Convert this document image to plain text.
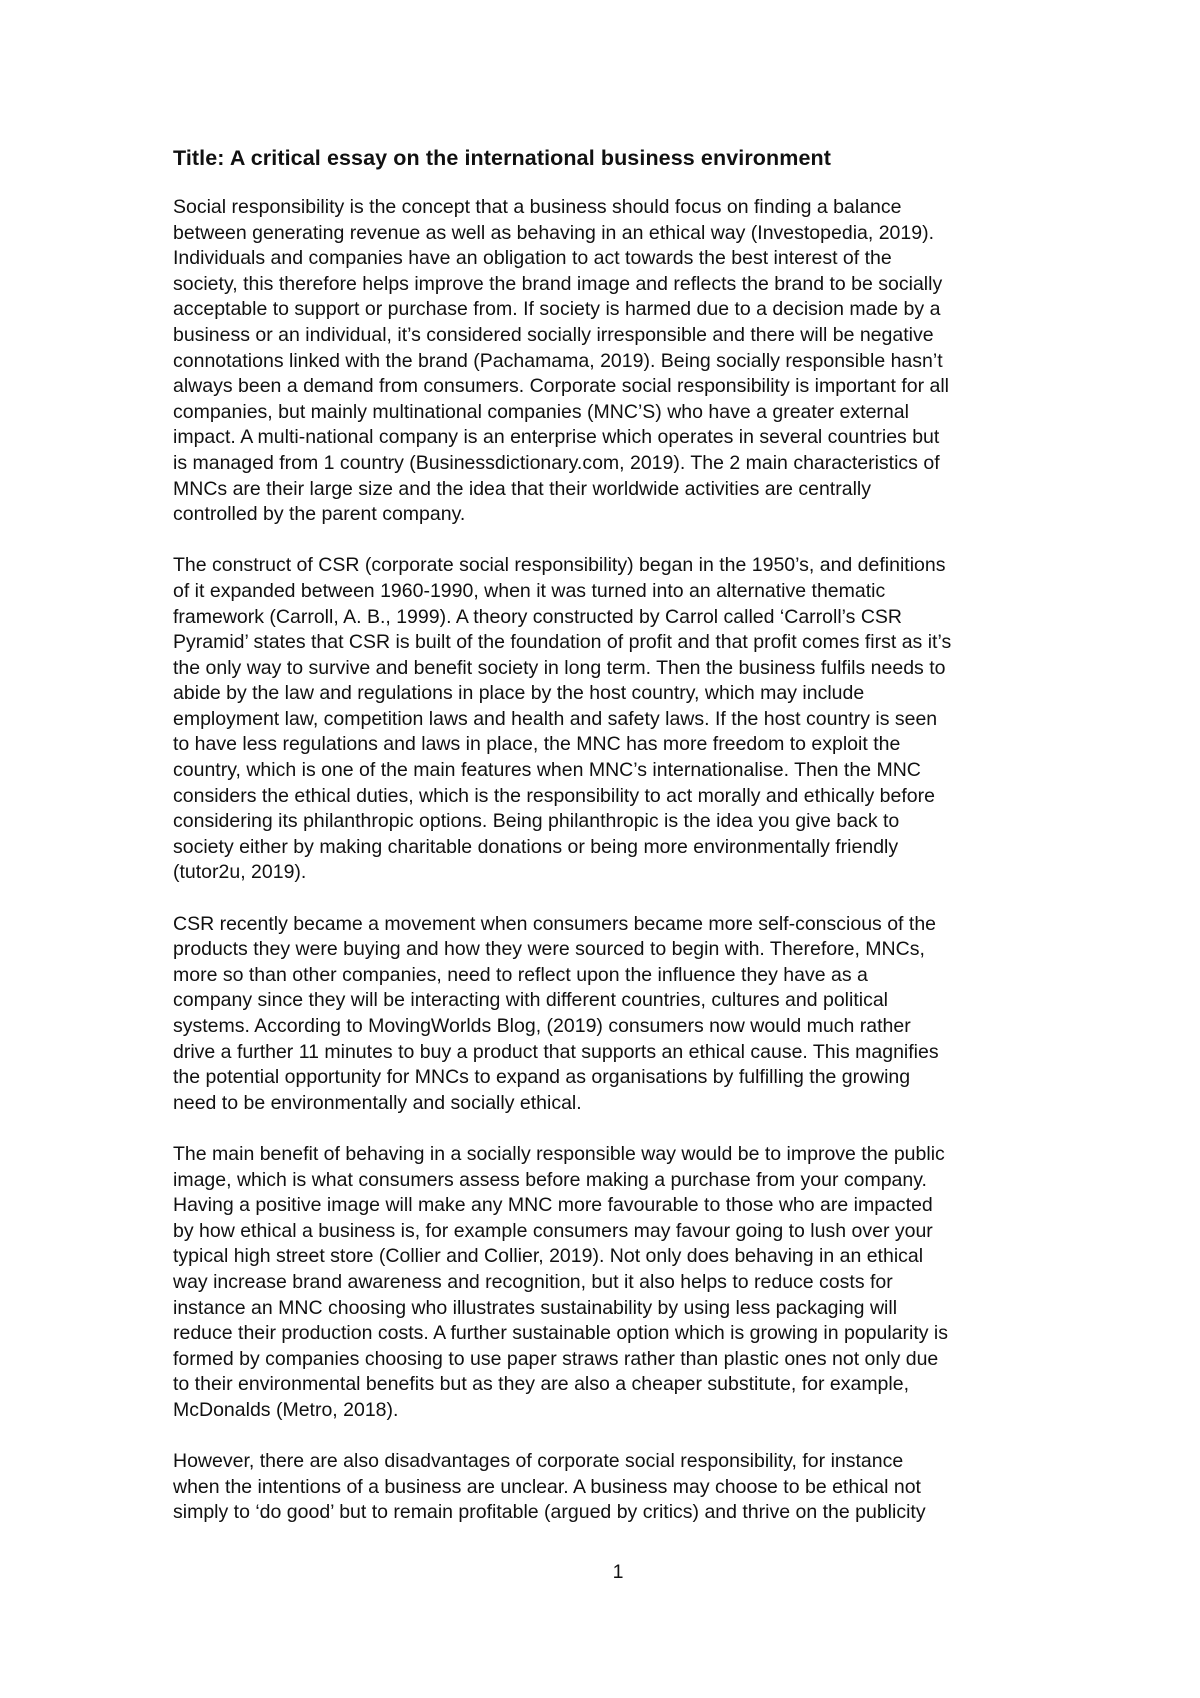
Title: A critical essay on the international business environment

Social responsibility is the concept that a business should focus on finding a balance
between generating revenue as well as behaving in an ethical way (Investopedia, 2019).
Individuals and companies have an obligation to act towards the best interest of the
society, this therefore helps improve the brand image and reflects the brand to be socially
acceptable to support or purchase from. If society is harmed due to a decision made by a
business or an individual, it’s considered socially irresponsible and there will be negative
connotations linked with the brand (Pachamama, 2019). Being socially responsible hasn’t
always been a demand from consumers. Corporate social responsibility is important for all
companies, but mainly multinational companies (MNC’S) who have a greater external
impact. A multi-national company is an enterprise which operates in several countries but
is managed from 1 country (Businessdictionary.com, 2019). The 2 main characteristics of
MNCs are their large size and the idea that their worldwide activities are centrally
controlled by the parent company.

The construct of CSR (corporate social responsibility) began in the 1950’s, and definitions
of it expanded between 1960-1990, when it was turned into an alternative thematic
framework (Carroll, A. B., 1999). A theory constructed by Carrol called ‘Carroll’s CSR
Pyramid’ states that CSR is built of the foundation of profit and that profit comes first as it’s
the only way to survive and benefit society in long term. Then the business fulfils needs to
abide by the law and regulations in place by the host country, which may include
employment law, competition laws and health and safety laws. If the host country is seen
to have less regulations and laws in place, the MNC has more freedom to exploit the
country, which is one of the main features when MNC’s internationalise. Then the MNC
considers the ethical duties, which is the responsibility to act morally and ethically before
considering its philanthropic options. Being philanthropic is the idea you give back to
society either by making charitable donations or being more environmentally friendly
(tutor2u, 2019).

CSR recently became a movement when consumers became more self-conscious of the
products they were buying and how they were sourced to begin with. Therefore, MNCs,
more so than other companies, need to reflect upon the influence they have as a
company since they will be interacting with different countries, cultures and political
systems. According to MovingWorlds Blog, (2019) consumers now would much rather
drive a further 11 minutes to buy a product that supports an ethical cause. This magnifies
the potential opportunity for MNCs to expand as organisations by fulfilling the growing
need to be environmentally and socially ethical.

The main benefit of behaving in a socially responsible way would be to improve the public
image, which is what consumers assess before making a purchase from your company.
Having a positive image will make any MNC more favourable to those who are impacted
by how ethical a business is, for example consumers may favour going to lush over your
typical high street store (Collier and Collier, 2019). Not only does behaving in an ethical
way increase brand awareness and recognition, but it also helps to reduce costs for
instance an MNC choosing who illustrates sustainability by using less packaging will
reduce their production costs. A further sustainable option which is growing in popularity is
formed by companies choosing to use paper straws rather than plastic ones not only due
to their environmental benefits but as they are also a cheaper substitute, for example,
McDonalds (Metro, 2018).

However, there are also disadvantages of corporate social responsibility, for instance
when the intentions of a business are unclear. A business may choose to be ethical not
simply to ‘do good’ but to remain profitable (argued by critics) and thrive on the publicity

1
